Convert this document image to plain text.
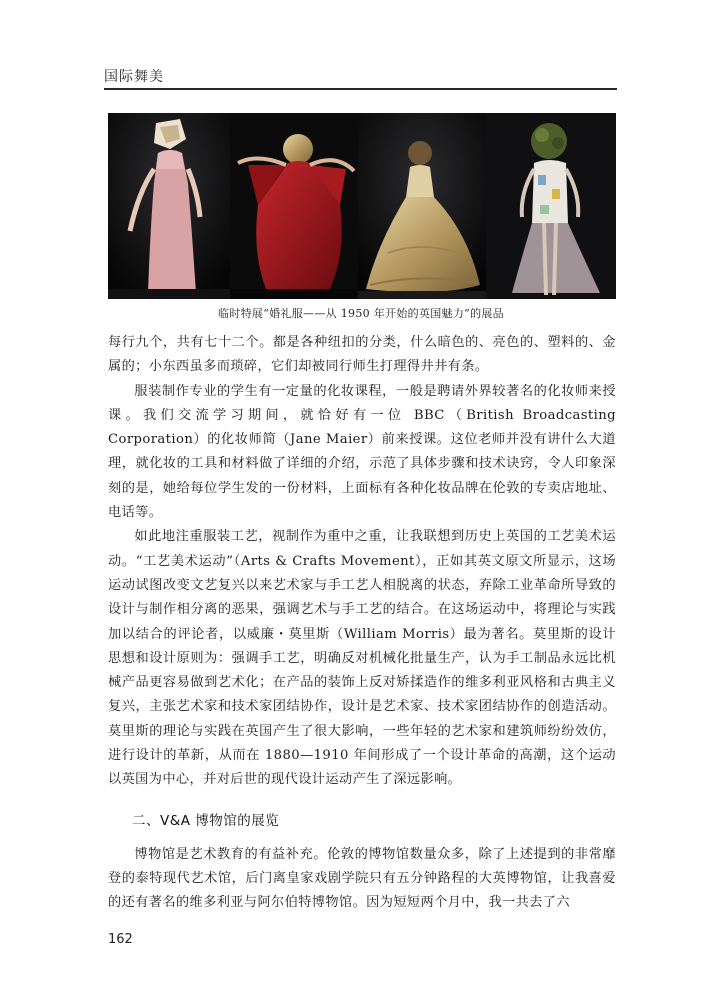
国际舞美
临时特展“婚礼服——从 1950 年开始的英国魅力”的展品

每行九个，共有七十二个。都是各种纽扣的分类，什么暗色的、亮色的、塑料的、金属的；小东西虽多而琐碎，它们却被同行师生打理得井井有条。

服装制作专业的学生有一定量的化妆课程，一般是聘请外界较著名的化妆师来授课。我们交流学习期间，就恰好有一位 BBC（British Broadcasting Corporation）的化妆师简（Jane Maier）前来授课。这位老师并没有讲什么大道理，就化妆的工具和材料做了详细的介绍，示范了具体步骤和技术诀窍，令人印象深刻的是，她给每位学生发的一份材料，上面标有各种化妆品牌在伦敦的专卖店地址、电话等。

如此地注重服装工艺，视制作为重中之重，让我联想到历史上英国的工艺美术运动。“工艺美术运动”（Arts & Crafts Movement），正如其英文原文所显示，这场运动试图改变文艺复兴以来艺术家与手工艺人相脱离的状态，弃除工业革命所导致的设计与制作相分离的恶果，强调艺术与手工艺的结合。在这场运动中，将理论与实践加以结合的评论者，以威廉・莫里斯（William Morris）最为著名。莫里斯的设计思想和设计原则为：强调手工艺，明确反对机械化批量生产，认为手工制品永远比机械产品更容易做到艺术化；在产品的装饰上反对矫揉造作的维多利亚风格和古典主义复兴，主张艺术家和技术家团结协作，设计是艺术家、技术家团结协作的创造活动。莫里斯的理论与实践在英国产生了很大影响，一些年轻的艺术家和建筑师纷纷效仿，进行设计的革新，从而在 1880—1910 年间形成了一个设计革命的高潮，这个运动以英国为中心，并对后世的现代设计运动产生了深远影响。

二、V&A 博物馆的展览

博物馆是艺术教育的有益补充。伦敦的博物馆数量众多，除了上述提到的非常靡登的泰特现代艺术馆，后门离皇家戏剧学院只有五分钟路程的大英博物馆，让我喜爱的还有著名的维多利亚与阿尔伯特博物馆。因为短短两个月中，我一共去了六

162
